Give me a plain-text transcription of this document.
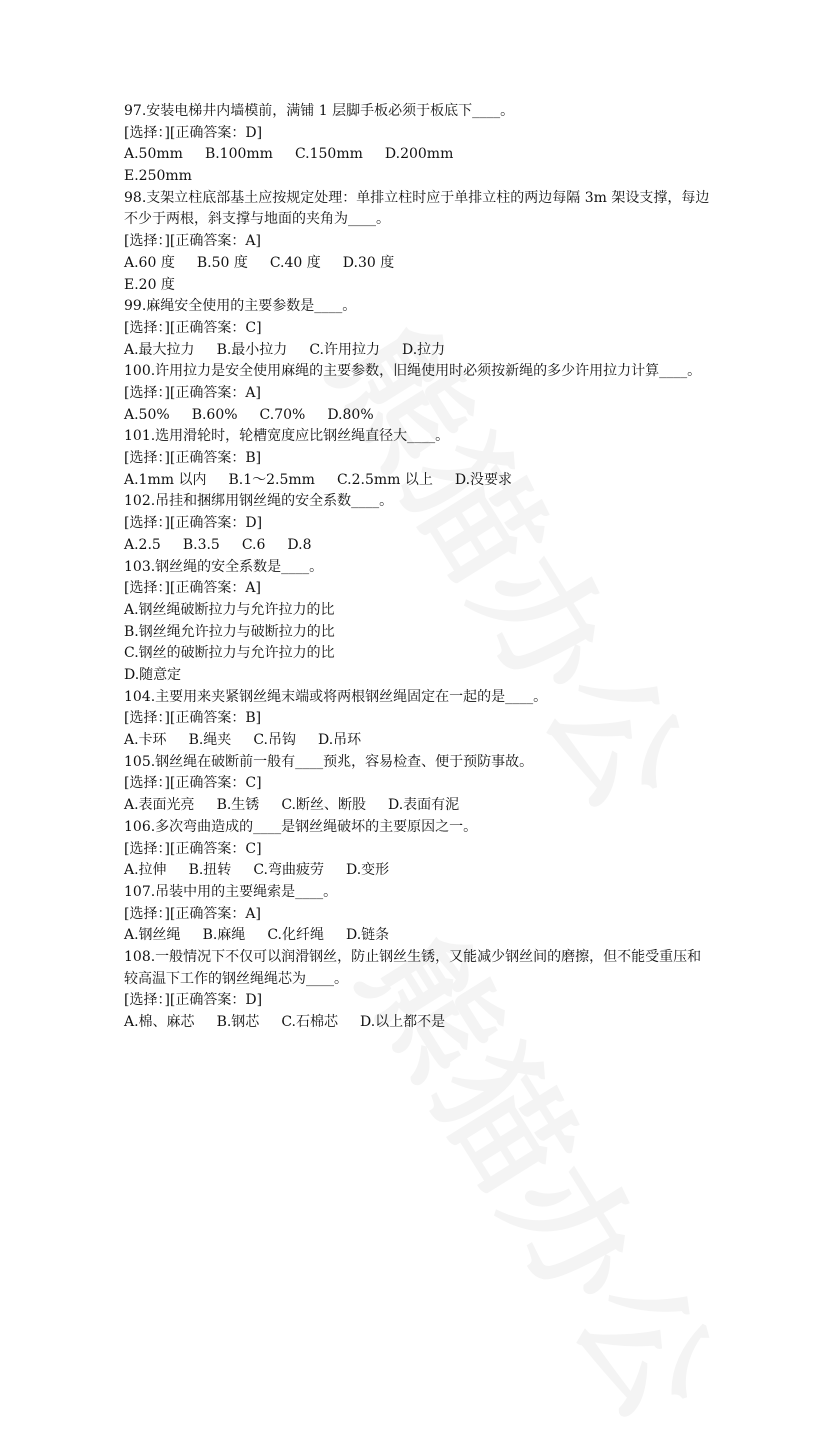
97.安装电梯井内墙模前，满铺 1 层脚手板必须于板底下____。
[选择：][正确答案：D]
A.50mm B.100mm C.150mm D.200mm
E.250mm
98.支架立柱底部基土应按规定处理：单排立柱时应于单排立柱的两边每隔 3m 架设支撑，每边不少于两根，斜支撑与地面的夹角为____。
[选择：][正确答案：A]
A.60 度 B.50 度 C.40 度 D.30 度
E.20 度
99.麻绳安全使用的主要参数是____。
[选择：][正确答案：C]
A.最大拉力 B.最小拉力 C.许用拉力 D.拉力
100.许用拉力是安全使用麻绳的主要参数，旧绳使用时必须按新绳的多少许用拉力计算____。
[选择：][正确答案：A]
A.50% B.60% C.70% D.80%
101.选用滑轮时，轮槽宽度应比钢丝绳直径大____。
[选择：][正确答案：B]
A.1mm 以内 B.1～2.5mm C.2.5mm 以上 D.没要求
102.吊挂和捆绑用钢丝绳的安全系数____。
[选择：][正确答案：D]
A.2.5 B.3.5 C.6 D.8
103.钢丝绳的安全系数是____。
[选择：][正确答案：A]
A.钢丝绳破断拉力与允许拉力的比
B.钢丝绳允许拉力与破断拉力的比
C.钢丝的破断拉力与允许拉力的比
D.随意定
104.主要用来夹紧钢丝绳末端或将两根钢丝绳固定在一起的是____。
[选择：][正确答案：B]
A.卡环 B.绳夹 C.吊钩 D.吊环
105.钢丝绳在破断前一般有____预兆，容易检查、便于预防事故。
[选择：][正确答案：C]
A.表面光亮 B.生锈 C.断丝、断股 D.表面有泥
106.多次弯曲造成的____是钢丝绳破坏的主要原因之一。
[选择：][正确答案：C]
A.拉伸 B.扭转 C.弯曲疲劳 D.变形
107.吊装中用的主要绳索是____。
[选择：][正确答案：A]
A.钢丝绳 B.麻绳 C.化纤绳 D.链条
108.一般情况下不仅可以润滑钢丝，防止钢丝生锈，又能减少钢丝间的磨擦，但不能受重压和较高温下工作的钢丝绳绳芯为____。
[选择：][正确答案：D]
A.棉、麻芯 B.钢芯 C.石棉芯 D.以上都不是
